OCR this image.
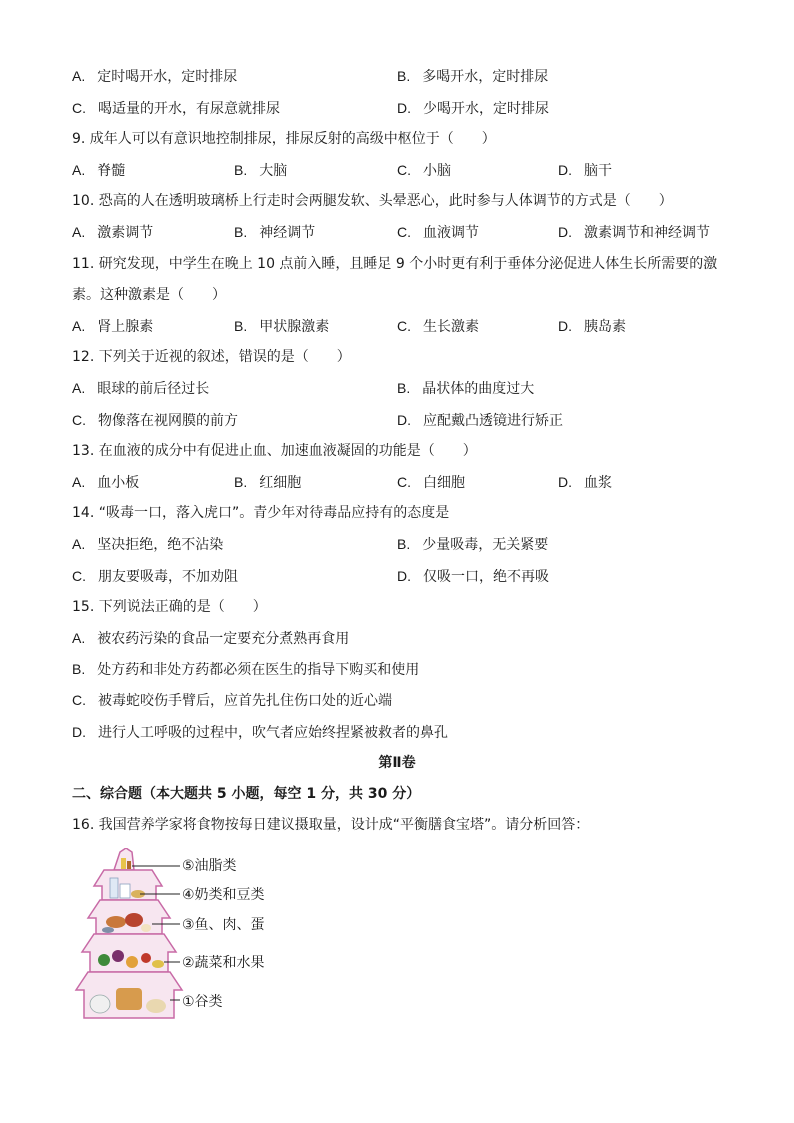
A. 定时喝开水，定时排尿	B. 多喝开水，定时排尿
C. 喝适量的开水，有尿意就排尿	D. 少喝开水，定时排尿
9. 成年人可以有意识地控制排尿，排尿反射的高级中枢位于（　　）
A. 脊髓	B. 大脑	C. 小脑	D. 脑干
10. 恐高的人在透明玻璃桥上行走时会两腿发软、头晕恶心，此时参与人体调节的方式是（　　）
A. 激素调节	B. 神经调节	C. 血液调节	D. 激素调节和神经调节
11. 研究发现，中学生在晚上 10 点前入睡，且睡足 9 个小时更有利于垂体分泌促进人体生长所需要的激
素。这种激素是（　　）
A. 肾上腺素	B. 甲状腺激素	C. 生长激素	D. 胰岛素
12. 下列关于近视的叙述，错误的是（　　）
A. 眼球的前后径过长	B. 晶状体的曲度过大
C. 物像落在视网膜的前方	D. 应配戴凸透镜进行矫正
13. 在血液的成分中有促进止血、加速血液凝固的功能是（　　）
A. 血小板	B. 红细胞	C. 白细胞	D. 血浆
14. “吸毒一口，落入虎口”。青少年对待毒品应持有的态度是
A. 坚决拒绝，绝不沾染	B. 少量吸毒，无关紧要
C. 朋友要吸毒，不加劝阻	D. 仅吸一口，绝不再吸
15. 下列说法正确的是（　　）
A. 被农药污染的食品一定要充分煮熟再食用
B. 处方药和非处方药都必须在医生的指导下购买和使用
C. 被毒蛇咬伤手臂后，应首先扎住伤口处的近心端
D. 进行人工呼吸的过程中，吹气者应始终捏紧被救者的鼻孔
第Ⅱ卷
二、综合题（本大题共 5 小题，每空 1 分，共 30 分）
16. 我国营养学家将食物按每日建议摄取量，设计成“平衡膳食宝塔”。请分析回答：
⑤油脂类
④奶类和豆类
③鱼、肉、蛋
②蔬菜和水果
①谷类
